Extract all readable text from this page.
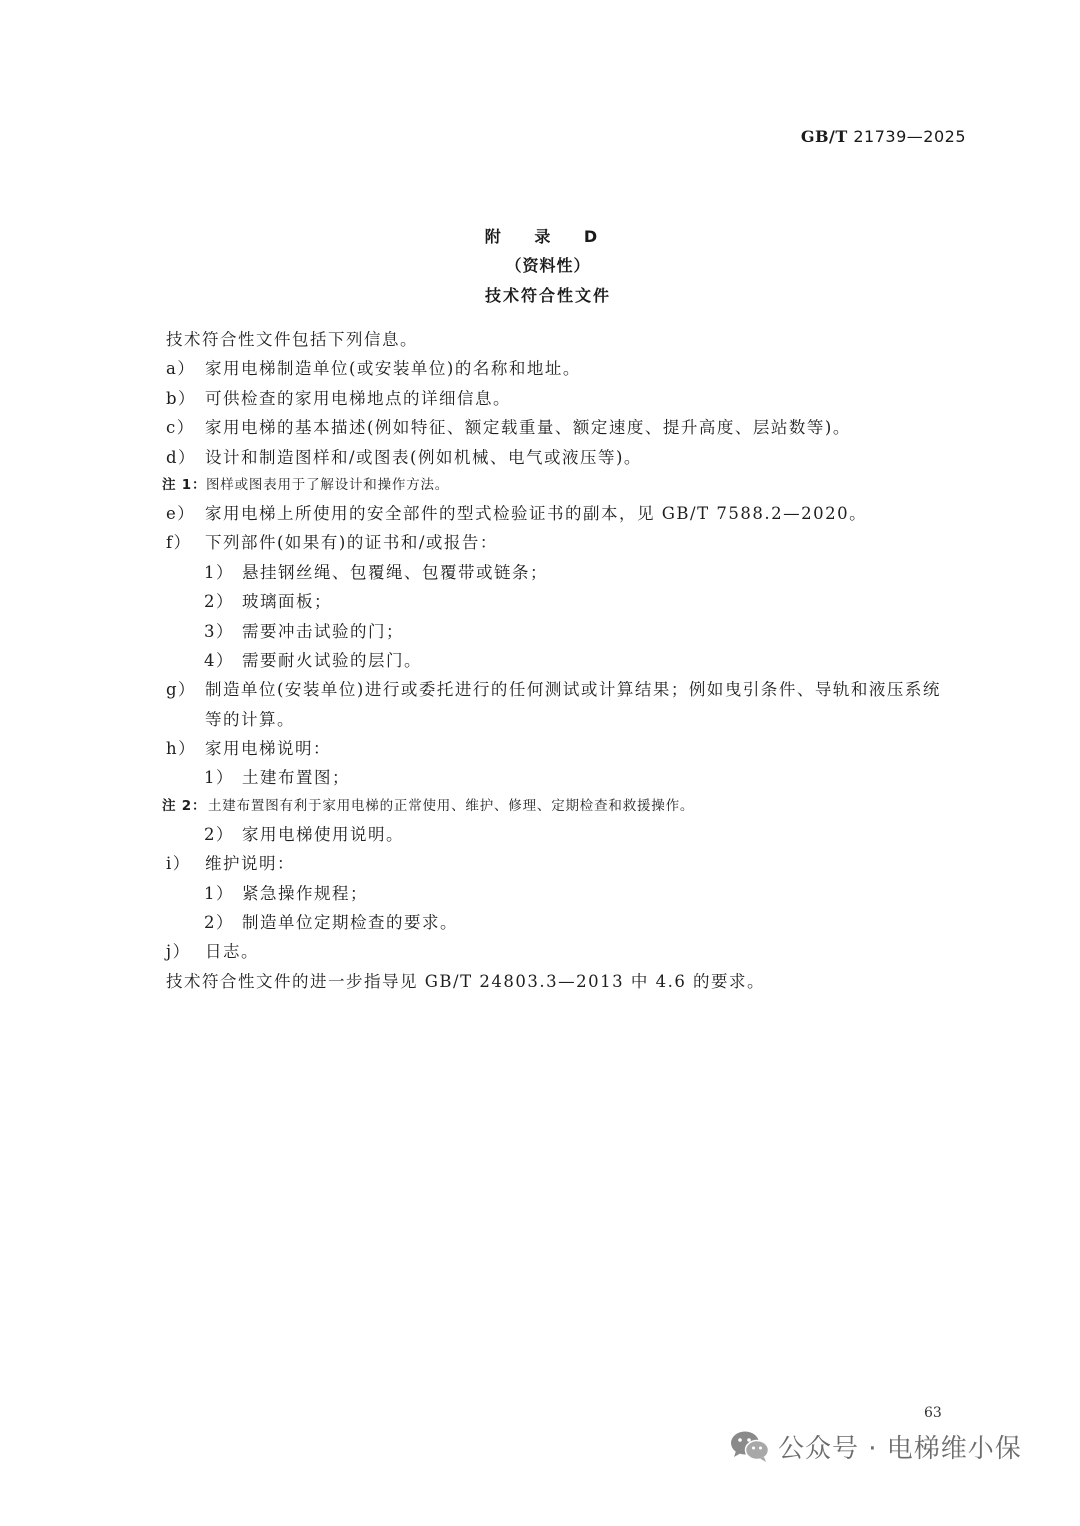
GB/T 21739—2025
附 录 D
（资料性）
技术符合性文件
技术符合性文件包括下列信息。
a） 家用电梯制造单位(或安装单位)的名称和地址。
b） 可供检查的家用电梯地点的详细信息。
c） 家用电梯的基本描述(例如特征、额定载重量、额定速度、提升高度、层站数等)。
d） 设计和制造图样和/或图表(例如机械、电气或液压等)。
注 1： 图样或图表用于了解设计和操作方法。
e） 家用电梯上所使用的安全部件的型式检验证书的副本，见 GB/T 7588.2—2020。
f） 下列部件(如果有)的证书和/或报告：
1） 悬挂钢丝绳、包覆绳、包覆带或链条；
2） 玻璃面板；
3） 需要冲击试验的门；
4） 需要耐火试验的层门。
g） 制造单位(安装单位)进行或委托进行的任何测试或计算结果；例如曳引条件、导轨和液压系统
等的计算。
h） 家用电梯说明：
1） 土建布置图；
注 2： 土建布置图有利于家用电梯的正常使用、维护、修理、定期检查和救援操作。
2） 家用电梯使用说明。
i） 维护说明：
1） 紧急操作规程；
2） 制造单位定期检查的要求。
j） 日志。
技术符合性文件的进一步指导见 GB/T 24803.3—2013 中 4.6 的要求。
63
公众号 · 电梯维小保
